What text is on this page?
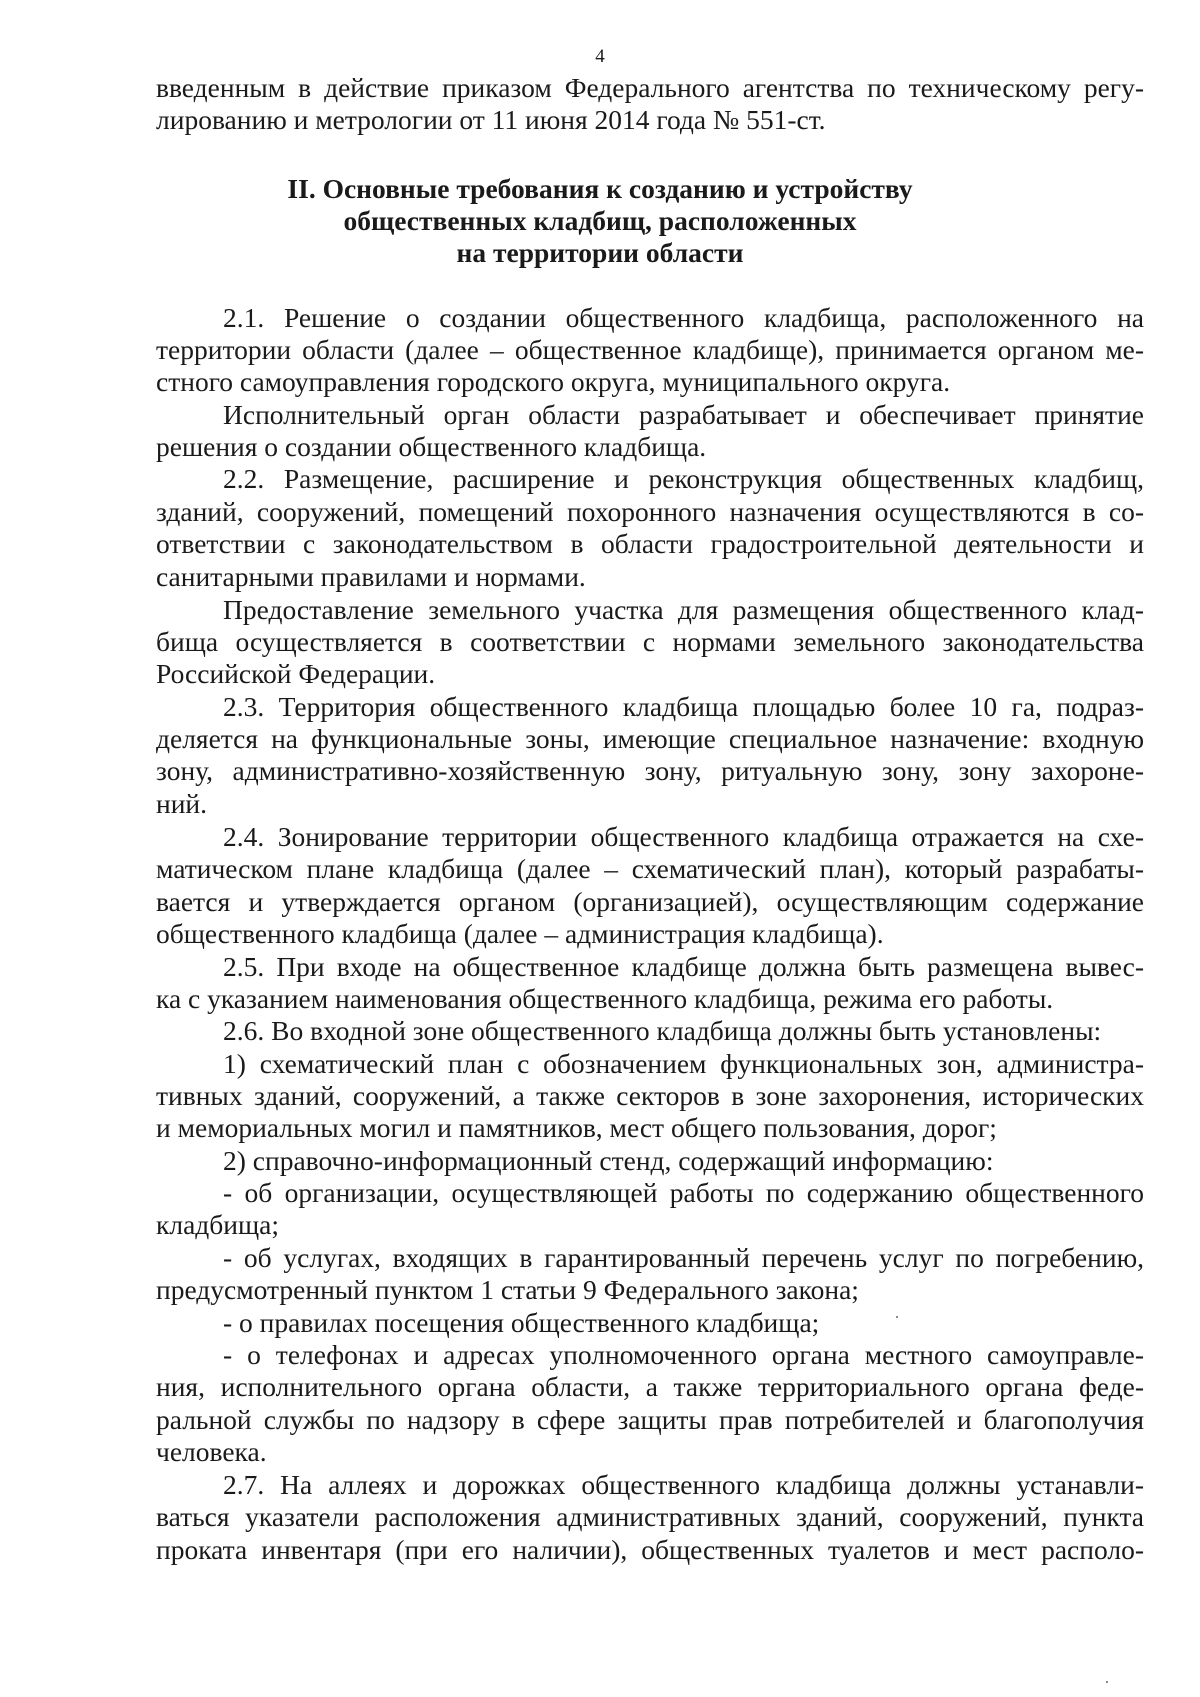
4
введенным в действие приказом Федерального агентства по техническому регу-
лированию и метрологии от 11 июня 2014 года № 551-ст.
II. Основные требования к созданию и устройству
общественных кладбищ, расположенных
на территории области
2.1. Решение о создании общественного кладбища, расположенного на
территории области (далее – общественное кладбище), принимается органом ме-
стного самоуправления городского округа, муниципального округа.
Исполнительный орган области разрабатывает и обеспечивает принятие
решения о создании общественного кладбища.
2.2. Размещение, расширение и реконструкция общественных кладбищ,
зданий, сооружений, помещений похоронного назначения осуществляются в со-
ответствии с законодательством в области градостроительной деятельности и
санитарными правилами и нормами.
Предоставление земельного участка для размещения общественного клад-
бища осуществляется в соответствии с нормами земельного законодательства
Российской Федерации.
2.3. Территория общественного кладбища площадью более 10 га, подраз-
деляется на функциональные зоны, имеющие специальное назначение: входную
зону, административно-хозяйственную зону, ритуальную зону, зону захороне-
ний.
2.4. Зонирование территории общественного кладбища отражается на схе-
матическом плане кладбища (далее – схематический план), который разрабаты-
вается и утверждается органом (организацией), осуществляющим содержание
общественного кладбища (далее – администрация кладбища).
2.5. При входе на общественное кладбище должна быть размещена вывес-
ка с указанием наименования общественного кладбища, режима его работы.
2.6. Во входной зоне общественного кладбища должны быть установлены:
1) схематический план с обозначением функциональных зон, администра-
тивных зданий, сооружений, а также секторов в зоне захоронения, исторических
и мемориальных могил и памятников, мест общего пользования, дорог;
2) справочно-информационный стенд, содержащий информацию:
- об организации, осуществляющей работы по содержанию общественного
кладбища;
- об услугах, входящих в гарантированный перечень услуг по погребению,
предусмотренный пунктом 1 статьи 9 Федерального закона;
- о правилах посещения общественного кладбища;
- о телефонах и адресах уполномоченного органа местного самоуправле-
ния, исполнительного органа области, а также территориального органа феде-
ральной службы по надзору в сфере защиты прав потребителей и благополучия
человека.
2.7. На аллеях и дорожках общественного кладбища должны устанавли-
ваться указатели расположения административных зданий, сооружений, пункта
проката инвентаря (при его наличии), общественных туалетов и мест располо-
